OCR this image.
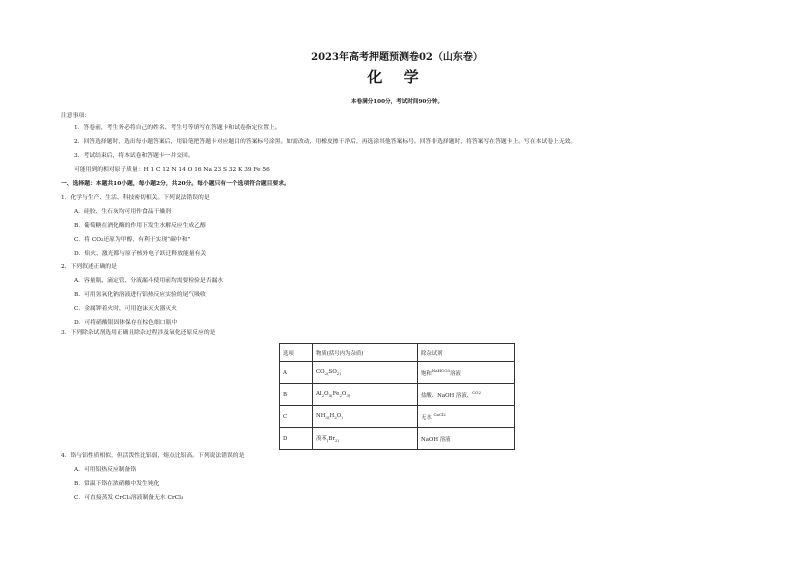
2023年高考押题预测卷02（山东卷）
化 学
本卷满分100分，考试时间90分钟。
注意事项：
1．答卷前，考生务必将自己的姓名、考生号等填写在答题卡和试卷指定位置上。
2．回答选择题时，选出每小题答案后，用铅笔把答题卡对应题目的答案标号涂黑。如需改动，用橡皮擦干净后，再选涂其他答案标号。回答非选择题时，将答案写在答题卡上。写在本试卷上无效。
3．考试结束后，将本试卷和答题卡一并交回。
可能用到的相对原子质量：H 1 C 12 N 14 O 16 Na 23 S 32 K 39 Fe 56
一、选择题：本题共10小题，每小题2分，共20分。每小题只有一个选项符合题目要求。
1．化学与生产、生活、科技密切相关。下列说法错误的是
A．硅胶、生石灰均可用作食品干燥剂
B．葡萄糖在酒化酶的作用下发生水解反应生成乙醇
C．将 CO₂还原为甲醇，有利于实现“碳中和”
D．焰火、激光都与原子核外电子跃迁释放能量有关
2．下列叙述正确的是
A．容量瓶、滴定管、分液漏斗使用前均需要检验是否漏水
B．可用氢氧化钠溶液进行铝热反应实验的尾气吸收
C．金属钾着火时，可用泡沫灭火器灭火
D．可将硝酸银固体保存在棕色细口瓶中
3．下列除杂试剂选用正确且除杂过程涉及氧化还原反应的是
选项	物质(括号内为杂质)	除杂试剂
A	$CO_{2(}SO_{2)}$	饱和$^{NaHCO3}$溶液
B	$Al_2O_{3(}Fe_2O_{3)}$	盐酸、NaOH 溶液、$^{CO2}$
C	$NH_{3(}H_2O_)$	无水 $^{CaCl2}$
D	溴苯$_(Br_{2)}$	NaOH 溶液
4．铬与铝性质相似，但活泼性比铝弱，熔点比铝高。下列说法错误的是
A．可用铝热反应制备铬
B．常温下铬在浓硝酸中发生钝化
C．可直接蒸发 CrCl₃溶液制备无水 CrCl₃
